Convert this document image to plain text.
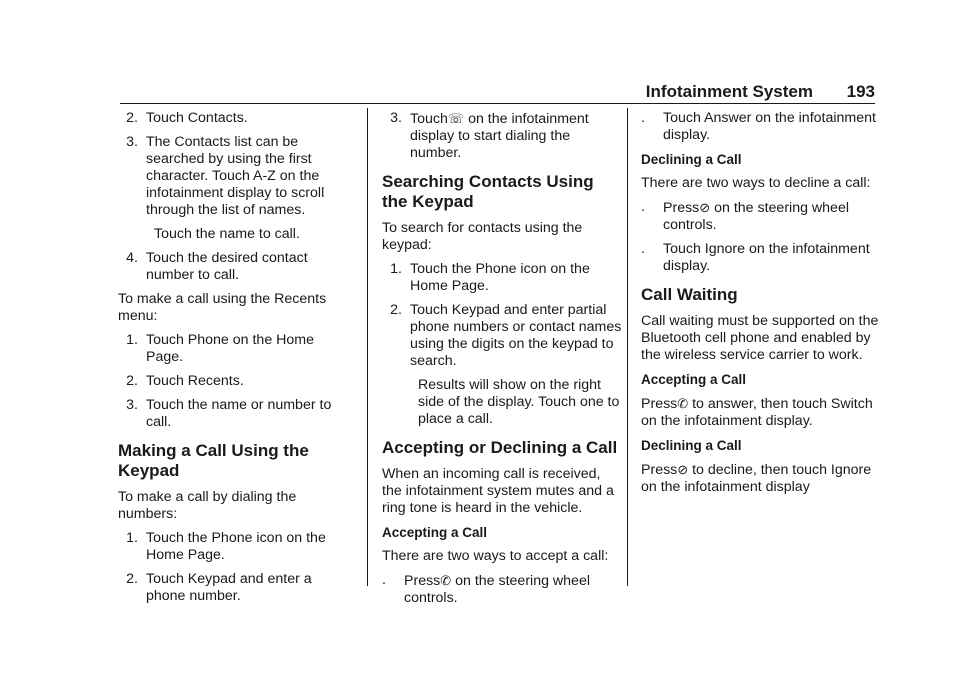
Infotainment System 193
2. Touch Contacts.
3. The Contacts list can be searched by using the first character. Touch A-Z on the infotainment display to scroll through the list of names.
Touch the name to call.
4. Touch the desired contact number to call.
To make a call using the Recents menu:
1. Touch Phone on the Home Page.
2. Touch Recents.
3. Touch the name or number to call.
Making a Call Using the Keypad
To make a call by dialing the numbers:
1. Touch the Phone icon on the Home Page.
2. Touch Keypad and enter a phone number.
3. Touch☏ on the infotainment display to start dialing the number.
Searching Contacts Using the Keypad
To search for contacts using the keypad:
1. Touch the Phone icon on the Home Page.
2. Touch Keypad and enter partial phone numbers or contact names using the digits on the keypad to search.
Results will show on the right side of the display. Touch one to place a call.
Accepting or Declining a Call
When an incoming call is received, the infotainment system mutes and a ring tone is heard in the vehicle.
Accepting a Call
There are two ways to accept a call:
.	Press✆ on the steering wheel controls.
.	Touch Answer on the infotainment display.
Declining a Call
There are two ways to decline a call:
.	Press⊘ on the steering wheel controls.
.	Touch Ignore on the infotainment display.
Call Waiting
Call waiting must be supported on the Bluetooth cell phone and enabled by the wireless service carrier to work.
Accepting a Call
Press✆ to answer, then touch Switch on the infotainment display.
Declining a Call
Press⊘ to decline, then touch Ignore on the infotainment display
